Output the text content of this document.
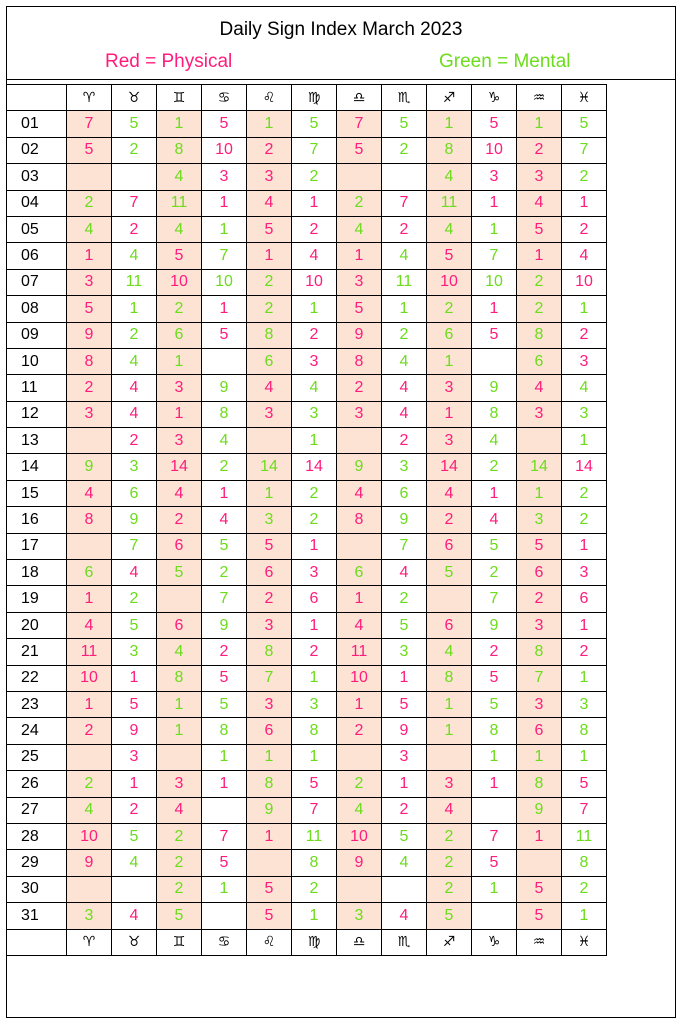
Daily Sign Index March 2023
Red = Physical	Green = Mental
	♈	♉	♊	♋	♌	♍	♎	♏	♐	♑	♒	♓
01	7	5	1	5	1	5	7	5	1	5	1	5
02	5	2	8	10	2	7	5	2	8	10	2	7
03			4	3	3	2			4	3	3	2
04	2	7	11	1	4	1	2	7	11	1	4	1
05	4	2	4	1	5	2	4	2	4	1	5	2
06	1	4	5	7	1	4	1	4	5	7	1	4
07	3	11	10	10	2	10	3	11	10	10	2	10
08	5	1	2	1	2	1	5	1	2	1	2	1
09	9	2	6	5	8	2	9	2	6	5	8	2
10	8	4	1		6	3	8	4	1		6	3
11	2	4	3	9	4	4	2	4	3	9	4	4
12	3	4	1	8	3	3	3	4	1	8	3	3
13		2	3	4		1		2	3	4		1
14	9	3	14	2	14	14	9	3	14	2	14	14
15	4	6	4	1	1	2	4	6	4	1	1	2
16	8	9	2	4	3	2	8	9	2	4	3	2
17		7	6	5	5	1		7	6	5	5	1
18	6	4	5	2	6	3	6	4	5	2	6	3
19	1	2		7	2	6	1	2		7	2	6
20	4	5	6	9	3	1	4	5	6	9	3	1
21	11	3	4	2	8	2	11	3	4	2	8	2
22	10	1	8	5	7	1	10	1	8	5	7	1
23	1	5	1	5	3	3	1	5	1	5	3	3
24	2	9	1	8	6	8	2	9	1	8	6	8
25		3		1	1	1		3		1	1	1
26	2	1	3	1	8	5	2	1	3	1	8	5
27	4	2	4		9	7	4	2	4		9	7
28	10	5	2	7	1	11	10	5	2	7	1	11
29	9	4	2	5		8	9	4	2	5		8
30			2	1	5	2			2	1	5	2
31	3	4	5		5	1	3	4	5		5	1
	♈	♉	♊	♋	♌	♍	♎	♏	♐	♑	♒	♓
